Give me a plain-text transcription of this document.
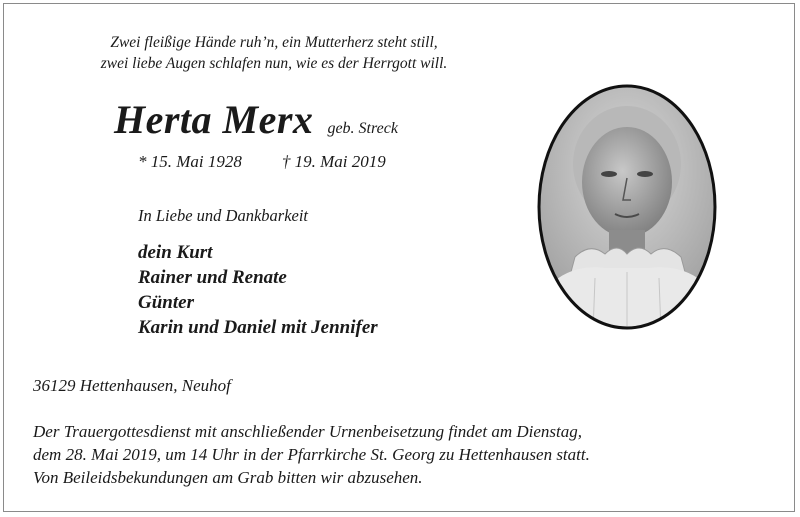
Zwei fleißige Hände ruh’n, ein Mutterherz steht still,
zwei liebe Augen schlafen nun, wie es der Herrgott will.
Herta Merx geb. Streck
* 15. Mai 1928 † 19. Mai 2019
In Liebe und Dankbarkeit
dein Kurt
Rainer und Renate
Günter
Karin und Daniel mit Jennifer
36129 Hettenhausen, Neuhof
Der Trauergottesdienst mit anschließender Urnenbeisetzung findet am Dienstag,
dem 28. Mai 2019, um 14 Uhr in der Pfarrkirche St. Georg zu Hettenhausen statt.
Von Beileidsbekundungen am Grab bitten wir abzusehen.
